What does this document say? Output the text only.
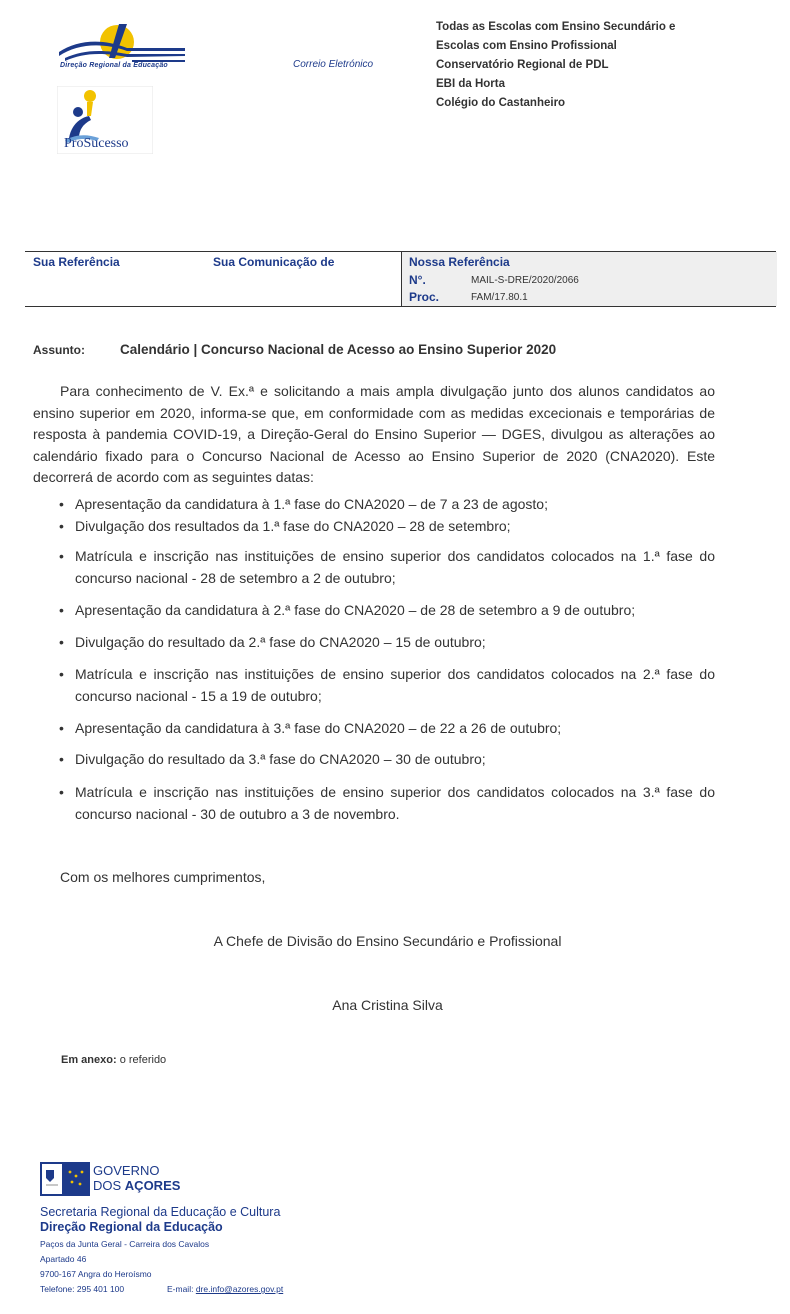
Direção Regional da Educação
ProSucesso
Correio Eletrónico
Todas as Escolas com Ensino Secundário e
Escolas com Ensino Profissional
Conservatório Regional de PDL
EBI da Horta
Colégio do Castanheiro
Sua Referência	Sua Comunicação de	Nossa Referência
N°.	MAIL-S-DRE/2020/2066
Proc.	FAM/17.80.1
Assunto:	Calendário | Concurso Nacional de Acesso ao Ensino Superior 2020
Para conhecimento de V. Ex.ª e solicitando a mais ampla divulgação junto dos alunos candidatos ao ensino superior em 2020, informa-se que, em conformidade com as medidas excecionais e temporárias de resposta à pandemia COVID-19, a Direção-Geral do Ensino Superior — DGES, divulgou as alterações ao calendário fixado para o Concurso Nacional de Acesso ao Ensino Superior de 2020 (CNA2020). Este decorrerá de acordo com as seguintes datas:
• Apresentação da candidatura à 1.ª fase do CNA2020 – de 7 a 23 de agosto;
• Divulgação dos resultados da 1.ª fase do CNA2020 – 28 de setembro;
• Matrícula e inscrição nas instituições de ensino superior dos candidatos colocados na 1.ª fase do concurso nacional - 28 de setembro a 2 de outubro;
• Apresentação da candidatura à 2.ª fase do CNA2020 – de 28 de setembro a 9 de outubro;
• Divulgação do resultado da 2.ª fase do CNA2020 – 15 de outubro;
• Matrícula e inscrição nas instituições de ensino superior dos candidatos colocados na 2.ª fase do concurso nacional - 15 a 19 de outubro;
• Apresentação da candidatura à 3.ª fase do CNA2020 – de 22 a 26 de outubro;
• Divulgação do resultado da 3.ª fase do CNA2020 – 30 de outubro;
• Matrícula e inscrição nas instituições de ensino superior dos candidatos colocados na 3.ª fase do concurso nacional - 30 de outubro a 3 de novembro.
Com os melhores cumprimentos,
A Chefe de Divisão do Ensino Secundário e Profissional
Ana Cristina Silva
Em anexo: o referido
GOVERNO
DOS AÇORES
Secretaria Regional da Educação e Cultura
Direção Regional da Educação
Paços da Junta Geral - Carreira dos Cavalos
Apartado 46
9700-167 Angra do Heroísmo
Telefone: 295 401 100	E-mail: dre.info@azores.gov.pt
